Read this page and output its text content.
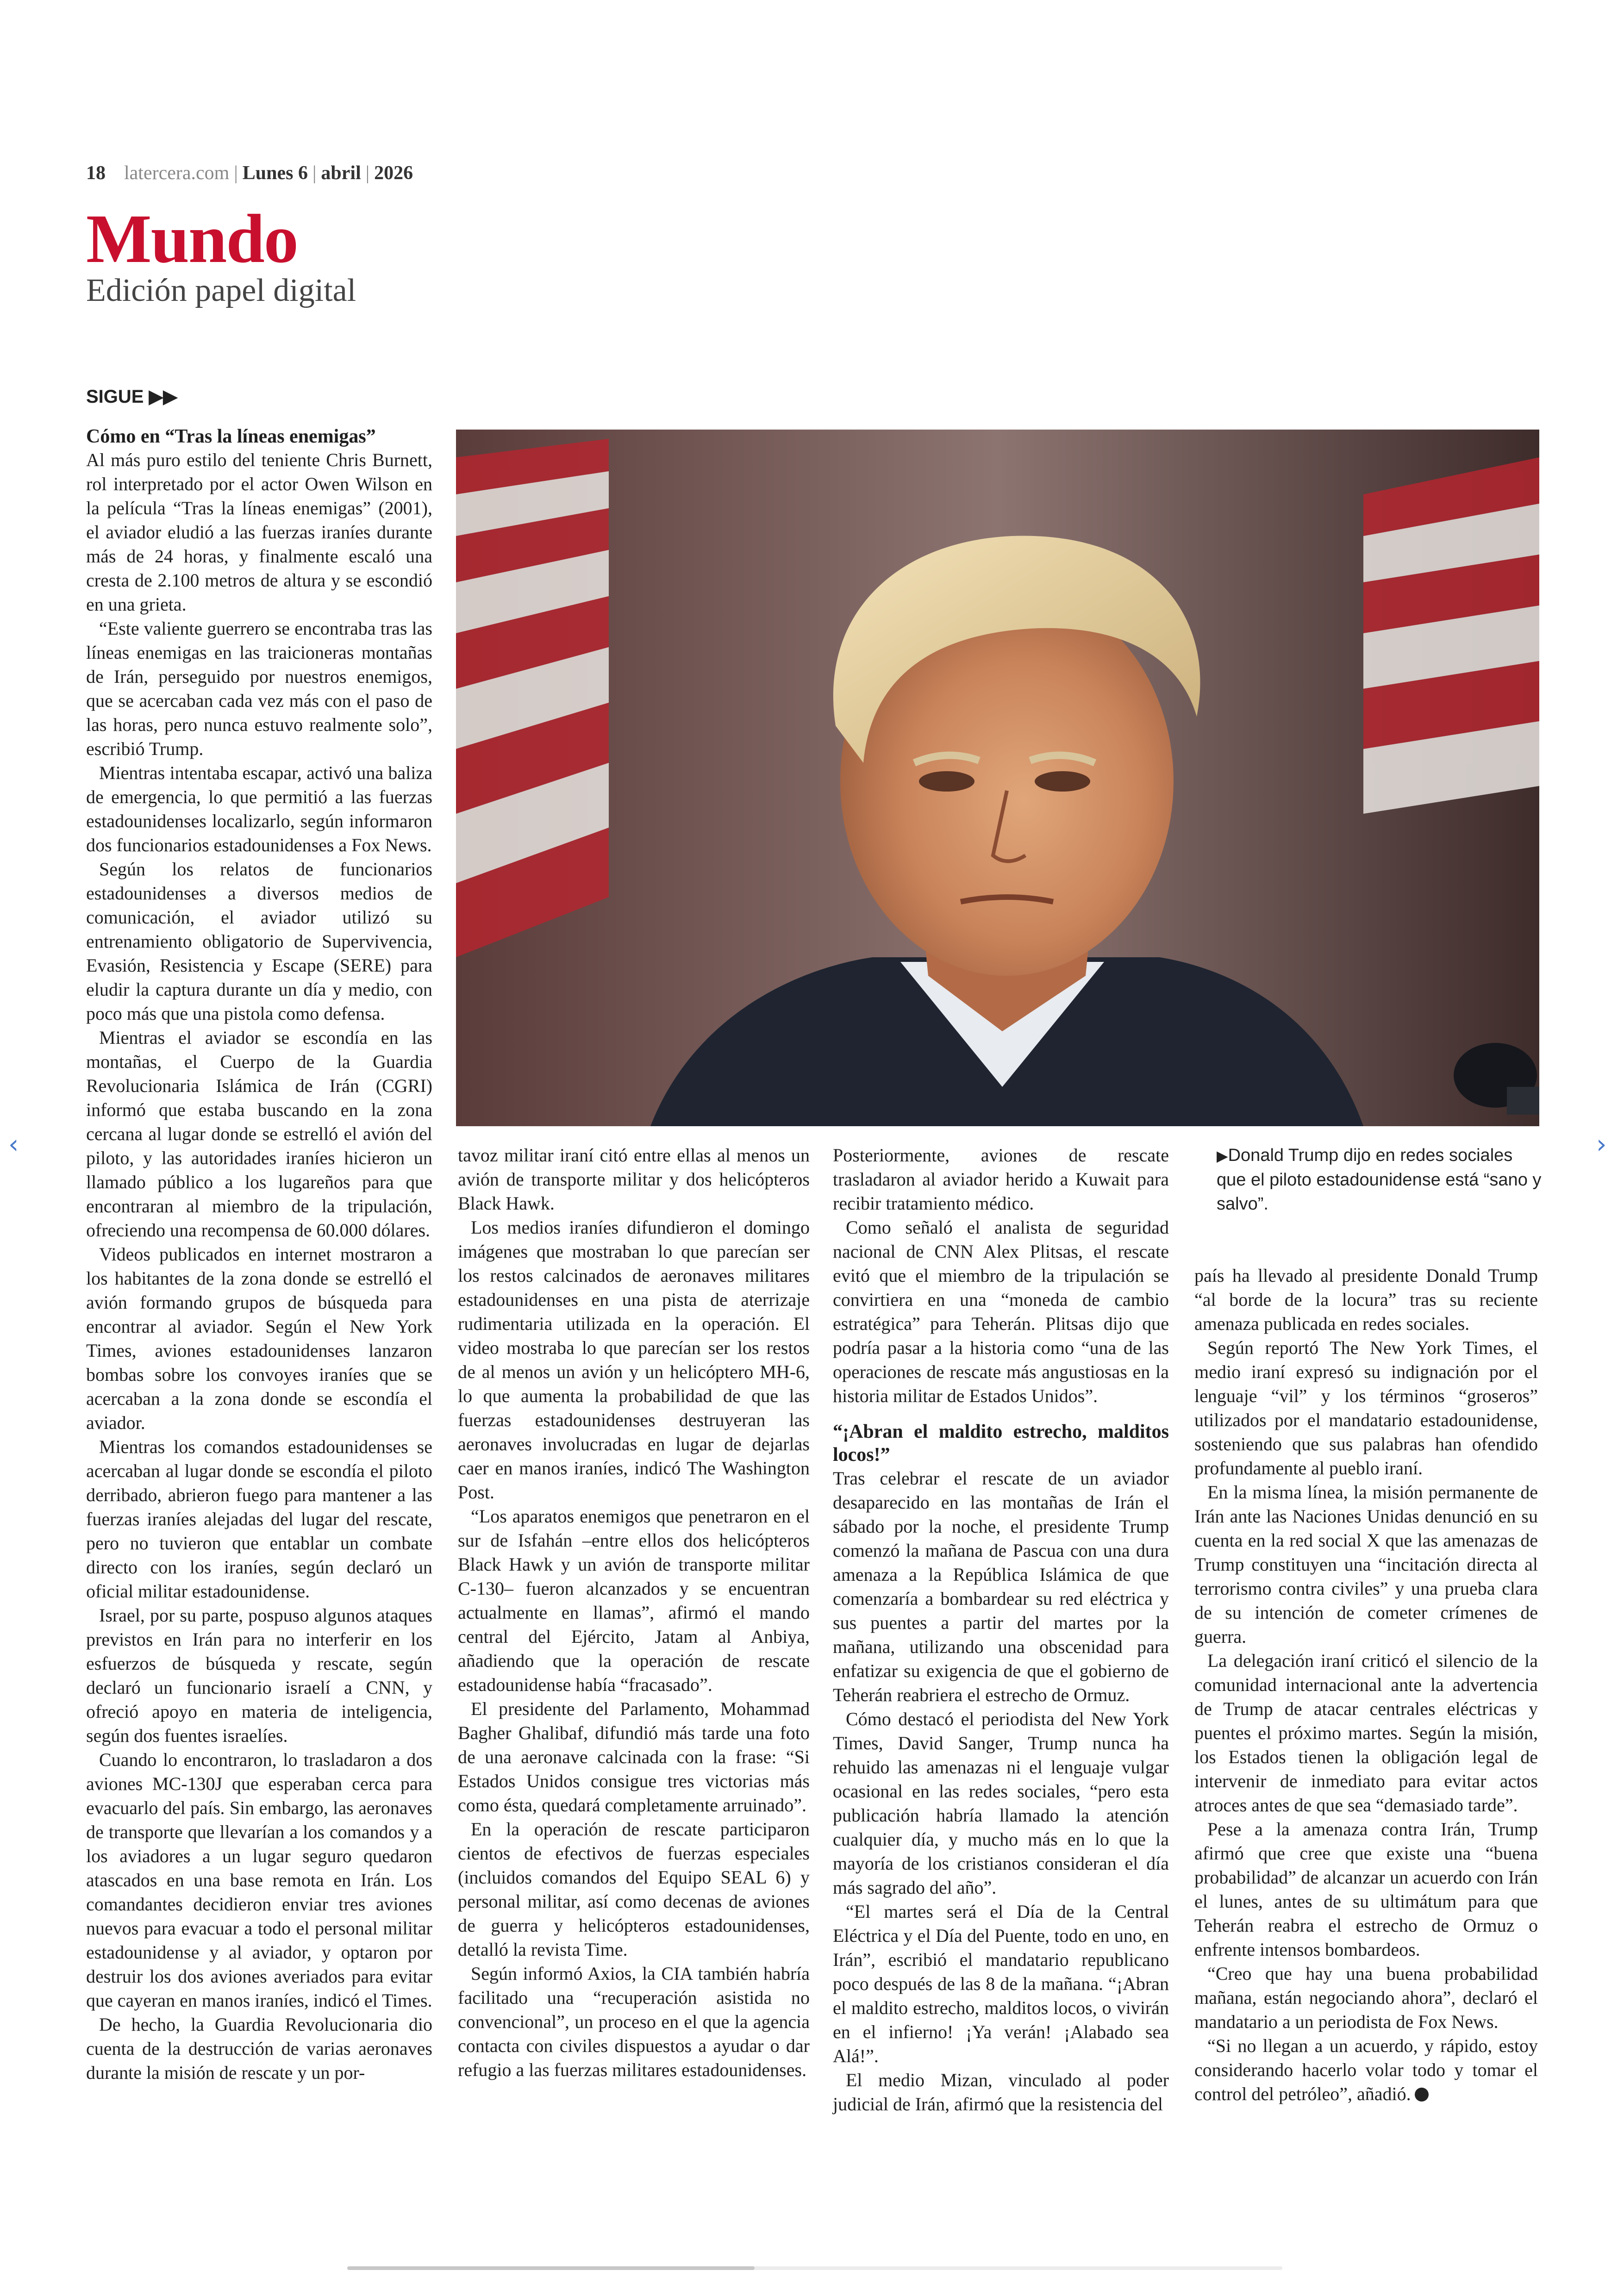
18 latercera.com | Lunes 6 | abril | 2026
Mundo
Edición papel digital
SIGUE ▶▶
Cómo en “Tras la líneas enemigas”

Al más puro estilo del teniente Chris Burnett, rol interpretado por el actor Owen Wilson en la película “Tras la líneas enemigas” (2001), el aviador eludió a las fuerzas iraníes durante más de 24 horas, y finalmente escaló una cresta de 2.100 metros de altura y se escondió en una grieta.

“Este valiente guerrero se encontraba tras las líneas enemigas en las traicioneras montañas de Irán, perseguido por nuestros enemigos, que se acercaban cada vez más con el paso de las horas, pero nunca estuvo realmente solo”, escribió Trump.

Mientras intentaba escapar, activó una baliza de emergencia, lo que permitió a las fuerzas estadounidenses localizarlo, según informaron dos funcionarios estadounidenses a Fox News.

Según los relatos de funcionarios estadounidenses a diversos medios de comunicación, el aviador utilizó su entrenamiento obligatorio de Supervivencia, Evasión, Resistencia y Escape (SERE) para eludir la captura durante un día y medio, con poco más que una pistola como defensa.

Mientras el aviador se escondía en las montañas, el Cuerpo de la Guardia Revolucionaria Islámica de Irán (CGRI) informó que estaba buscando en la zona cercana al lugar donde se estrelló el avión del piloto, y las autoridades iraníes hicieron un llamado público a los lugareños para que encontraran al miembro de la tripulación, ofreciendo una recompensa de 60.000 dólares.

Videos publicados en internet mostraron a los habitantes de la zona donde se estrelló el avión formando grupos de búsqueda para encontrar al aviador. Según el New York Times, aviones estadounidenses lanzaron bombas sobre los convoyes iraníes que se acercaban a la zona donde se escondía el aviador.

Mientras los comandos estadounidenses se acercaban al lugar donde se escondía el piloto derribado, abrieron fuego para mantener a las fuerzas iraníes alejadas del lugar del rescate, pero no tuvieron que entablar un combate directo con los iraníes, según declaró un oficial militar estadounidense.

Israel, por su parte, pospuso algunos ataques previstos en Irán para no interferir en los esfuerzos de búsqueda y rescate, según declaró un funcionario israelí a CNN, y ofreció apoyo en materia de inteligencia, según dos fuentes israelíes.

Cuando lo encontraron, lo trasladaron a dos aviones MC-130J que esperaban cerca para evacuarlo del país. Sin embargo, las aeronaves de transporte que llevarían a los comandos y a los aviadores a un lugar seguro quedaron atascados en una base remota en Irán. Los comandantes decidieron enviar tres aviones nuevos para evacuar a todo el personal militar estadounidense y al aviador, y optaron por destruir los dos aviones averiados para evitar que cayeran en manos iraníes, indicó el Times.

De hecho, la Guardia Revolucionaria dio cuenta de la destrucción de varias aeronaves durante la misión de rescate y un por-

tavoz militar iraní citó entre ellas al menos un avión de transporte militar y dos helicópteros Black Hawk.

Los medios iraníes difundieron el domingo imágenes que mostraban lo que parecían ser los restos calcinados de aeronaves militares estadounidenses en una pista de aterrizaje rudimentaria utilizada en la operación. El video mostraba lo que parecían ser los restos de al menos un avión y un helicóptero MH-6, lo que aumenta la probabilidad de que las fuerzas estadounidenses destruyeran las aeronaves involucradas en lugar de dejarlas caer en manos iraníes, indicó The Washington Post.

“Los aparatos enemigos que penetraron en el sur de Isfahán –entre ellos dos helicópteros Black Hawk y un avión de transporte militar C-130– fueron alcanzados y se encuentran actualmente en llamas”, afirmó el mando central del Ejército, Jatam al Anbiya, añadiendo que la operación de rescate estadounidense había “fracasado”.

El presidente del Parlamento, Mohammad Bagher Ghalibaf, difundió más tarde una foto de una aeronave calcinada con la frase: “Si Estados Unidos consigue tres victorias más como ésta, quedará completamente arruinado”.

En la operación de rescate participaron cientos de efectivos de fuerzas especiales (incluidos comandos del Equipo SEAL 6) y personal militar, así como decenas de aviones de guerra y helicópteros estadounidenses, detalló la revista Time.

Según informó Axios, la CIA también habría facilitado una “recuperación asistida no convencional”, un proceso en el que la agencia contacta con civiles dispuestos a ayudar o dar refugio a las fuerzas militares estadounidenses.

Posteriormente, aviones de rescate trasladaron al aviador herido a Kuwait para recibir tratamiento médico.

Como señaló el analista de seguridad nacional de CNN Alex Plitsas, el rescate evitó que el miembro de la tripulación se convirtiera en una “moneda de cambio estratégica” para Teherán. Plitsas dijo que podría pasar a la historia como “una de las operaciones de rescate más angustiosas en la historia militar de Estados Unidos”.

“¡Abran el maldito estrecho, malditos locos!”

Tras celebrar el rescate de un aviador desaparecido en las montañas de Irán el sábado por la noche, el presidente Trump comenzó la mañana de Pascua con una dura amenaza a la República Islámica de que comenzaría a bombardear su red eléctrica y sus puentes a partir del martes por la mañana, utilizando una obscenidad para enfatizar su exigencia de que el gobierno de Teherán reabriera el estrecho de Ormuz.

Cómo destacó el periodista del New York Times, David Sanger, Trump nunca ha rehuido las amenazas ni el lenguaje vulgar ocasional en las redes sociales, “pero esta publicación habría llamado la atención cualquier día, y mucho más en lo que la mayoría de los cristianos consideran el día más sagrado del año”.

“El martes será el Día de la Central Eléctrica y el Día del Puente, todo en uno, en Irán”, escribió el mandatario republicano poco después de las 8 de la mañana. “¡Abran el maldito estrecho, malditos locos, o vivirán en el infierno! ¡Ya verán! ¡Alabado sea Alá!”.

El medio Mizan, vinculado al poder judicial de Irán, afirmó que la resistencia del

▶Donald Trump dijo en redes sociales que el piloto estadounidense está “sano y salvo”.

país ha llevado al presidente Donald Trump “al borde de la locura” tras su reciente amenaza publicada en redes sociales.

Según reportó The New York Times, el medio iraní expresó su indignación por el lenguaje “vil” y los términos “groseros” utilizados por el mandatario estadounidense, sosteniendo que sus palabras han ofendido profundamente al pueblo iraní.

En la misma línea, la misión permanente de Irán ante las Naciones Unidas denunció en su cuenta en la red social X que las amenazas de Trump constituyen una “incitación directa al terrorismo contra civiles” y una prueba clara de su intención de cometer crímenes de guerra.

La delegación iraní criticó el silencio de la comunidad internacional ante la advertencia de Trump de atacar centrales eléctricas y puentes el próximo martes. Según la misión, los Estados tienen la obligación legal de intervenir de inmediato para evitar actos atroces antes de que sea “demasiado tarde”.

Pese a la amenaza contra Irán, Trump afirmó que cree que existe una “buena probabilidad” de alcanzar un acuerdo con Irán el lunes, antes de su ultimátum para que Teherán reabra el estrecho de Ormuz o enfrente intensos bombardeos.

“Creo que hay una buena probabilidad mañana, están negociando ahora”, declaró el mandatario a un periodista de Fox News.

“Si no llegan a un acuerdo, y rápido, estoy considerando hacerlo volar todo y tomar el control del petróleo”, añadió.

‹	›
